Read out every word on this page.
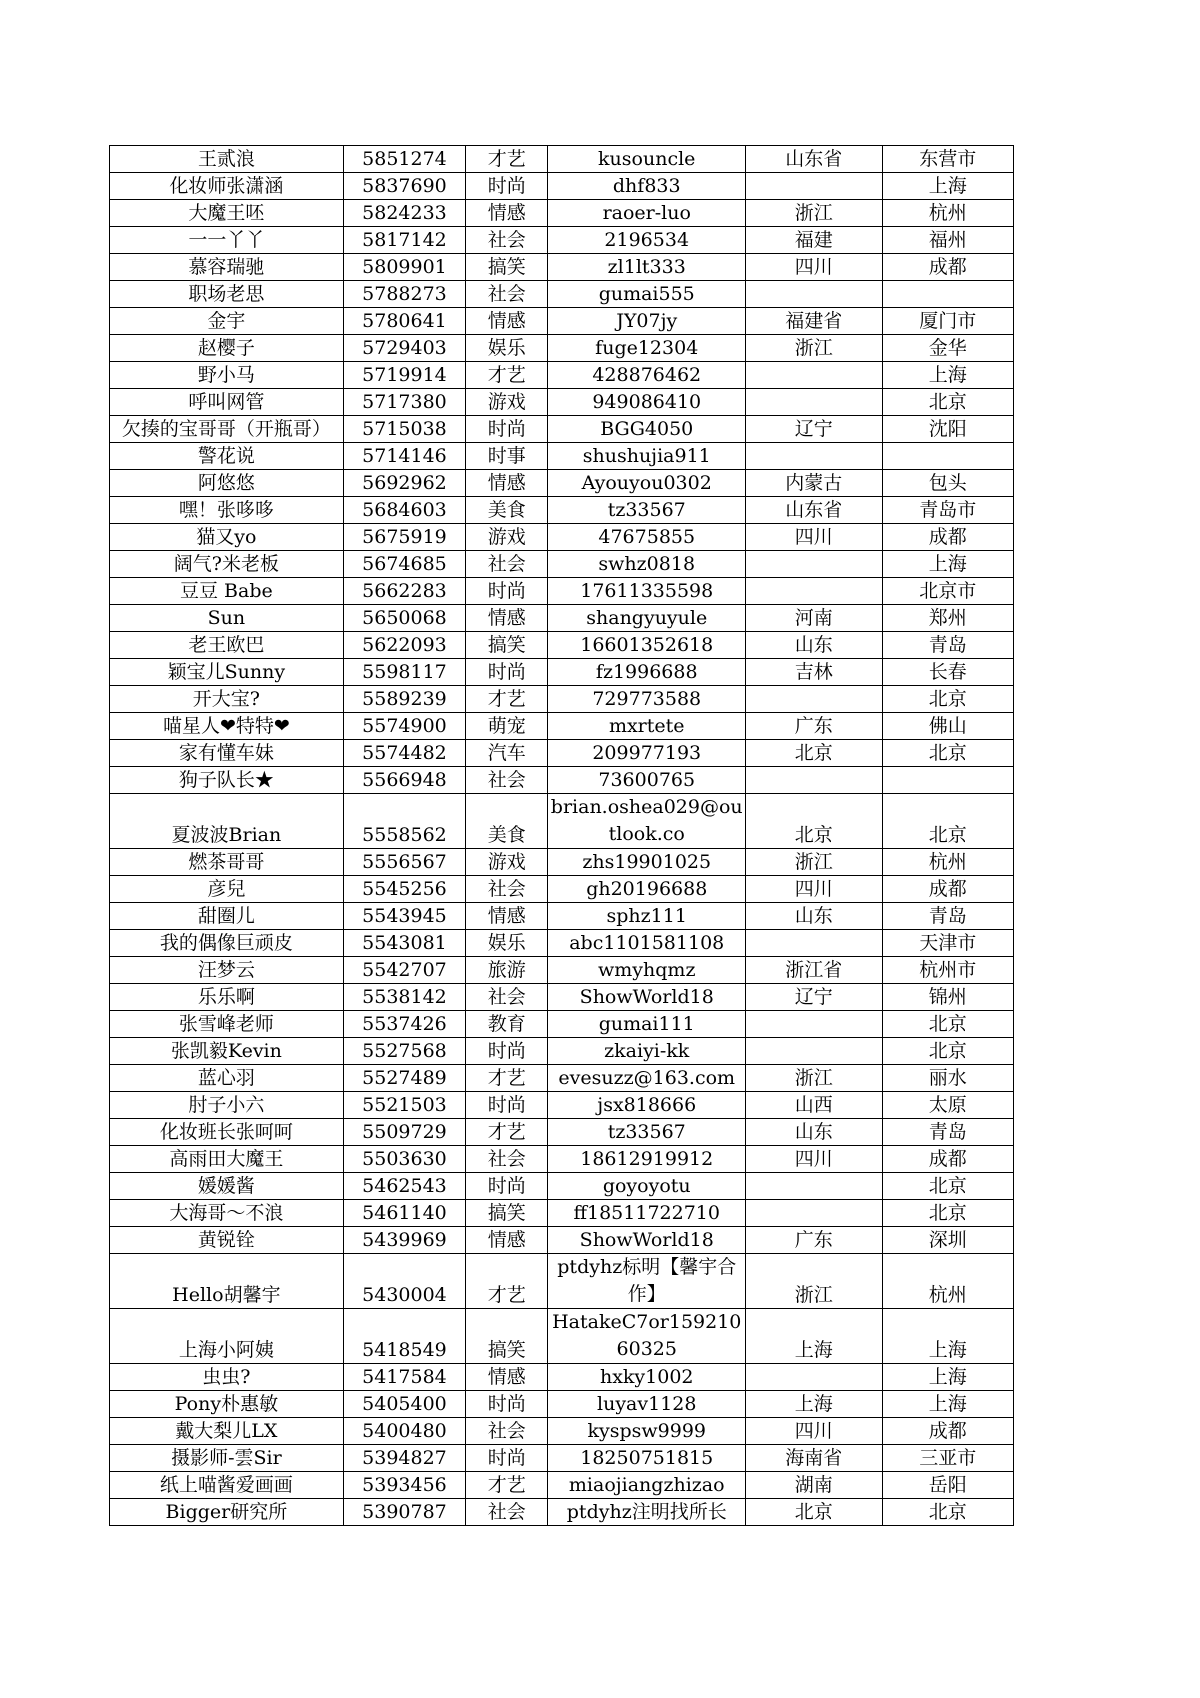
王贰浪	5851274	才艺	kusouncle	山东省	东营市
化妆师张潇涵	5837690	时尚	dhf833		上海
大魔王呸	5824233	情感	raoer-luo	浙江	杭州
一一丫丫	5817142	社会	2196534	福建	福州
慕容瑞驰	5809901	搞笑	zl1lt333	四川	成都
职场老思	5788273	社会	gumai555		
金宇	5780641	情感	JY07jy	福建省	厦门市
赵樱子	5729403	娱乐	fuge12304	浙江	金华
野小马	5719914	才艺	428876462		上海
呼叫网管	5717380	游戏	949086410		北京
欠揍的宝哥哥（开瓶哥）	5715038	时尚	BGG4050	辽宁	沈阳
警花说	5714146	时事	shushujia911		
阿悠悠	5692962	情感	Ayouyou0302	内蒙古	包头
嘿！张哆哆	5684603	美食	tz33567	山东省	青岛市
猫又yo	5675919	游戏	47675855	四川	成都
阔气?米老板	5674685	社会	swhz0818		上海
豆豆 Babe	5662283	时尚	17611335598		北京市
Sun	5650068	情感	shangyuyule	河南	郑州
老王欧巴	5622093	搞笑	16601352618	山东	青岛
颖宝儿Sunny	5598117	时尚	fz1996688	吉林	长春
开大宝?	5589239	才艺	729773588		北京
喵星人❤特特❤	5574900	萌宠	mxrtete	广东	佛山
家有懂车妹	5574482	汽车	209977193	北京	北京
狗子队长★	5566948	社会	73600765		
夏波波Brian	5558562	美食	brian.oshea029@outlook.co	北京	北京
燃茶哥哥	5556567	游戏	zhs19901025	浙江	杭州
彦兒	5545256	社会	gh20196688	四川	成都
甜圈儿	5543945	情感	sphz111	山东	青岛
我的偶像巨顽皮	5543081	娱乐	abc1101581108		天津市
汪梦云	5542707	旅游	wmyhqmz	浙江省	杭州市
乐乐啊	5538142	社会	ShowWorld18	辽宁	锦州
张雪峰老师	5537426	教育	gumai111		北京
张凯毅Kevin	5527568	时尚	zkaiyi-kk		北京
蓝心羽	5527489	才艺	evesuzz@163.com	浙江	丽水
肘子小六	5521503	时尚	jsx818666	山西	太原
化妆班长张呵呵	5509729	才艺	tz33567	山东	青岛
高雨田大魔王	5503630	社会	18612919912	四川	成都
媛媛酱	5462543	时尚	goyoyotu		北京
大海哥～不浪	5461140	搞笑	ff18511722710		北京
黄锐铨	5439969	情感	ShowWorld18	广东	深圳
Hello胡馨宇	5430004	才艺	ptdyhz标明【馨宇合作】	浙江	杭州
上海小阿姨	5418549	搞笑	HatakeC7or15921060325	上海	上海
虫虫?	5417584	情感	hxky1002		上海
Pony朴惠敏	5405400	时尚	luyav1128	上海	上海
戴大梨儿LX	5400480	社会	kyspsw9999	四川	成都
摄影师-雲Sir	5394827	时尚	18250751815	海南省	三亚市
纸上喵酱爱画画	5393456	才艺	miaojiangzhizao	湖南	岳阳
Bigger研究所	5390787	社会	ptdyhz注明找所长	北京	北京
